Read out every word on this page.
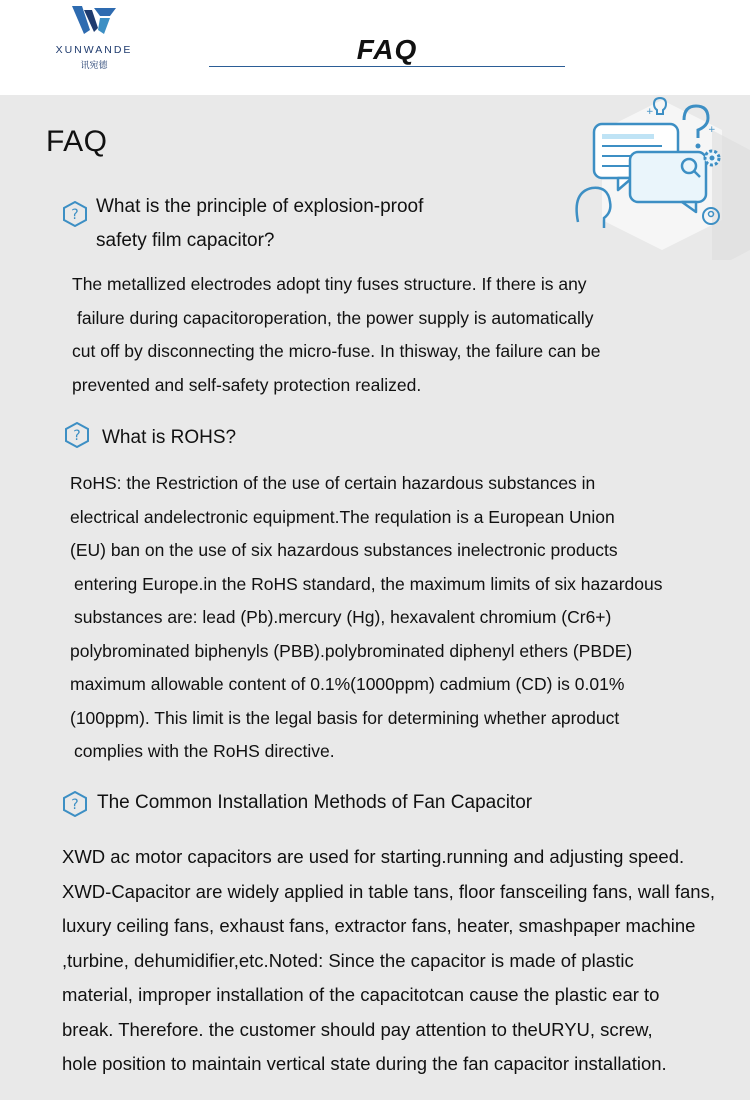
XUNWANDE
讯宛德	FAQ
FAQ
+
+
? What is the principle of explosion-proof
safety film capacitor?
The metallized electrodes adopt tiny fuses structure. If there is any
failure during capacitoroperation, the power supply is automatically
cut off by disconnecting the micro-fuse. In thisway, the failure can be
prevented and self-safety protection realized.
? What is ROHS?
RoHS: the Restriction of the use of certain hazardous substances in
electrical andelectronic equipment.The requlation is a European Union
(EU) ban on the use of six hazardous substances inelectronic products
entering Europe.in the RoHS standard, the maximum limits of six hazardous
substances are: lead (Pb).mercury (Hg), hexavalent chromium (Cr6+)
polybrominated biphenyls (PBB).polybrominated diphenyl ethers (PBDE)
maximum allowable content of 0.1%(1000ppm) cadmium (CD) is 0.01%
(100ppm). This limit is the legal basis for determining whether aproduct
complies with the RoHS directive.
? The Common Installation Methods of Fan Capacitor
XWD ac motor capacitors are used for starting.running and adjusting speed.
XWD-Capacitor are widely applied in table tans, floor fansceiling fans, wall fans,
luxury ceiling fans, exhaust fans, extractor fans, heater, smashpaper machine
,turbine, dehumidifier,etc.Noted: Since the capacitor is made of plastic
material, improper installation of the capacitotcan cause the plastic ear to
break. Therefore. the customer should pay attention to theURYU, screw,
hole position to maintain vertical state during the fan capacitor installation.
